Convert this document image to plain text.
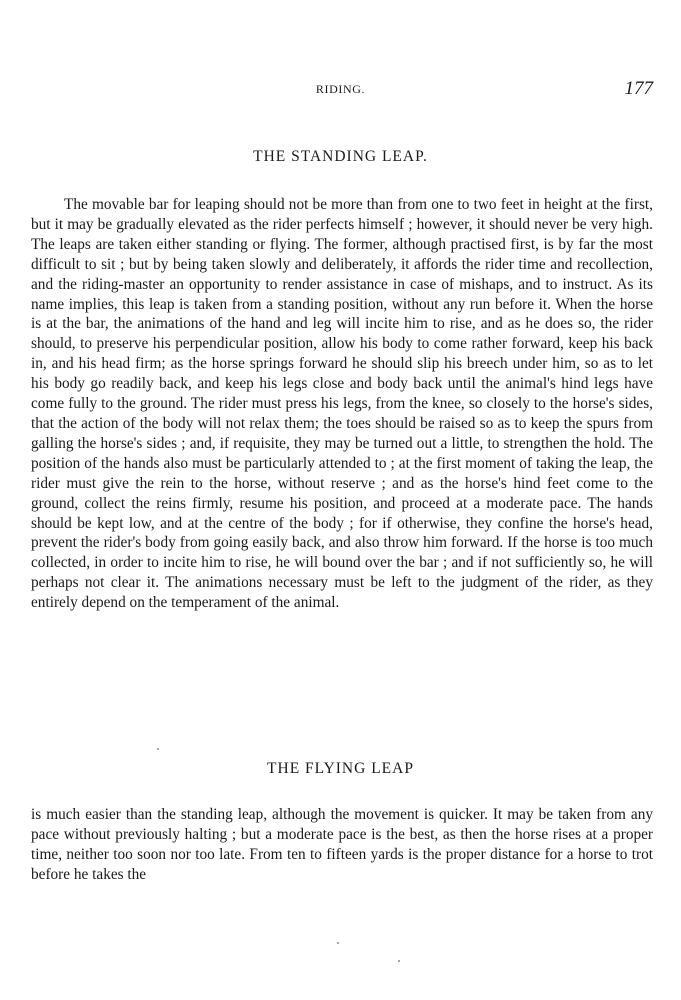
RIDING.	177
THE STANDING LEAP.

The movable bar for leaping should not be more than from one to two feet in height at the first, but it may be gradually elevated as the rider perfects himself ; however, it should never be very high. The leaps are taken either standing or flying. The former, although practised first, is by far the most difficult to sit ; but by being taken slowly and deliberately, it affords the rider time and recollection, and the riding-master an opportunity to render assistance in case of mishaps, and to instruct. As its name implies, this leap is taken from a standing position, without any run before it. When the horse is at the bar, the animations of the hand and leg will incite him to rise, and as he does so, the rider should, to preserve his perpendicular position, allow his body to come rather forward, keep his back in, and his head firm; as the horse springs forward he should slip his breech under him, so as to let his body go readily back, and keep his legs close and body back until the animal's hind legs have come fully to the ground. The rider must press his legs, from the knee, so closely to the horse's sides, that the action of the body will not relax them; the toes should be raised so as to keep the spurs from galling the horse's sides ; and, if requisite, they may be turned out a little, to strengthen the hold. The position of the hands also must be particularly attended to ; at the first moment of taking the leap, the rider must give the rein to the horse, without reserve ; and as the horse's hind feet come to the ground, collect the reins firmly, resume his position, and proceed at a moderate pace. The hands should be kept low, and at the centre of the body ; for if otherwise, they confine the horse's head, prevent the rider's body from going easily back, and also throw him forward. If the horse is too much collected, in order to incite him to rise, he will bound over the bar ; and if not sufficiently so, he will perhaps not clear it. The animations necessary must be left to the judgment of the rider, as they entirely depend on the temperament of the animal.

THE FLYING LEAP

is much easier than the standing leap, although the movement is quicker. It may be taken from any pace without previously halting ; but a moderate pace is the best, as then the horse rises at a proper time, neither too soon nor too late. From ten to fifteen yards is the proper distance for a horse to trot before he takes the
